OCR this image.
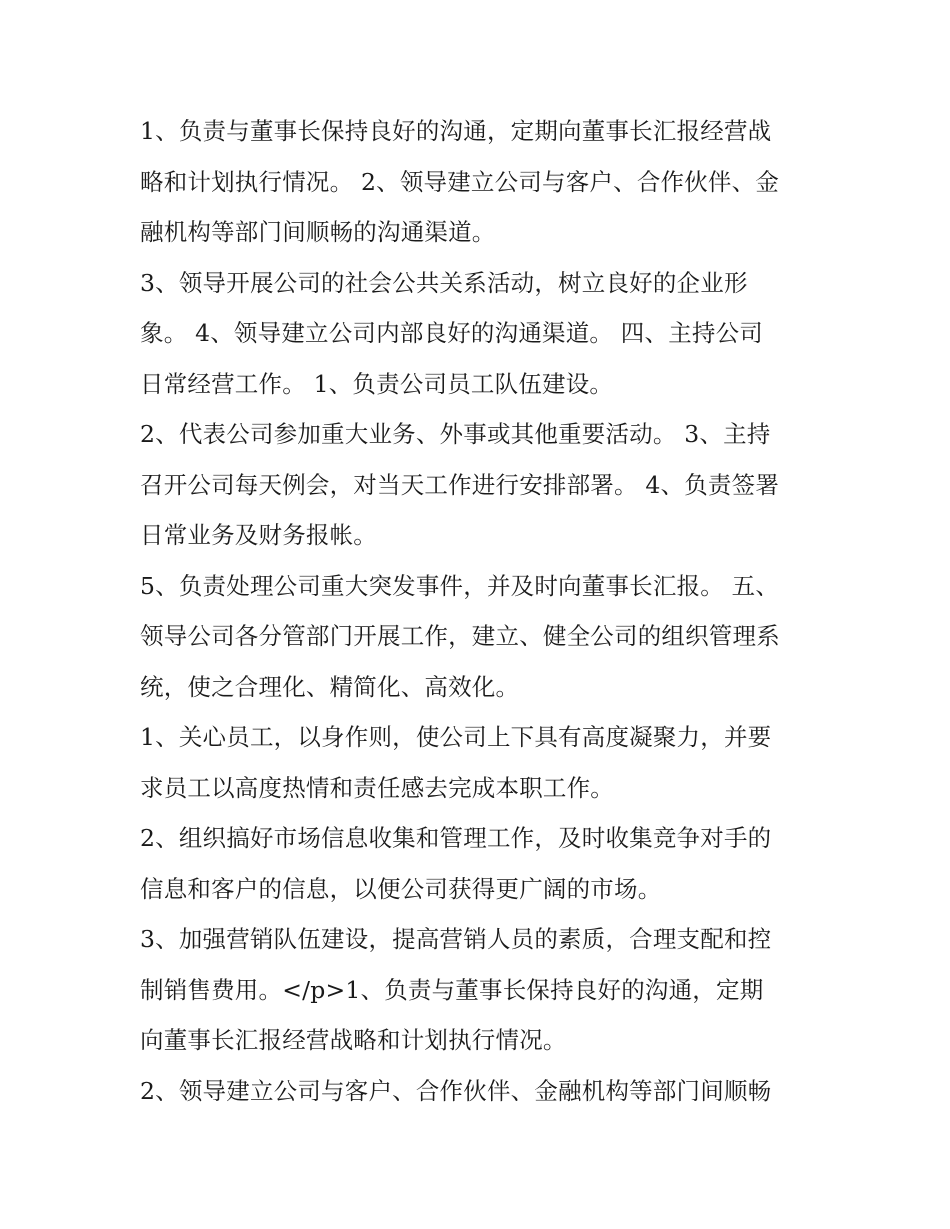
1、负责与董事长保持良好的沟通，定期向董事长汇报经营战
略和计划执行情况。 2、领导建立公司与客户、合作伙伴、金
融机构等部门间顺畅的沟通渠道。

3、领导开展公司的社会公共关系活动，树立良好的企业形
象。 4、领导建立公司内部良好的沟通渠道。 四、主持公司
日常经营工作。 1、负责公司员工队伍建设。

2、代表公司参加重大业务、外事或其他重要活动。 3、主持
召开公司每天例会，对当天工作进行安排部署。 4、负责签署
日常业务及财务报帐。

5、负责处理公司重大突发事件，并及时向董事长汇报。 五、
领导公司各分管部门开展工作，建立、健全公司的组织管理系
统，使之合理化、精简化、高效化。

1、关心员工，以身作则，使公司上下具有高度凝聚力，并要
求员工以高度热情和责任感去完成本职工作。

2、组织搞好市场信息收集和管理工作，及时收集竞争对手的
信息和客户的信息，以便公司获得更广阔的市场。

3、加强营销队伍建设，提高营销人员的素质，合理支配和控
制销售费用。</p>1、负责与董事长保持良好的沟通，定期
向董事长汇报经营战略和计划执行情况。

2、领导建立公司与客户、合作伙伴、金融机构等部门间顺畅
